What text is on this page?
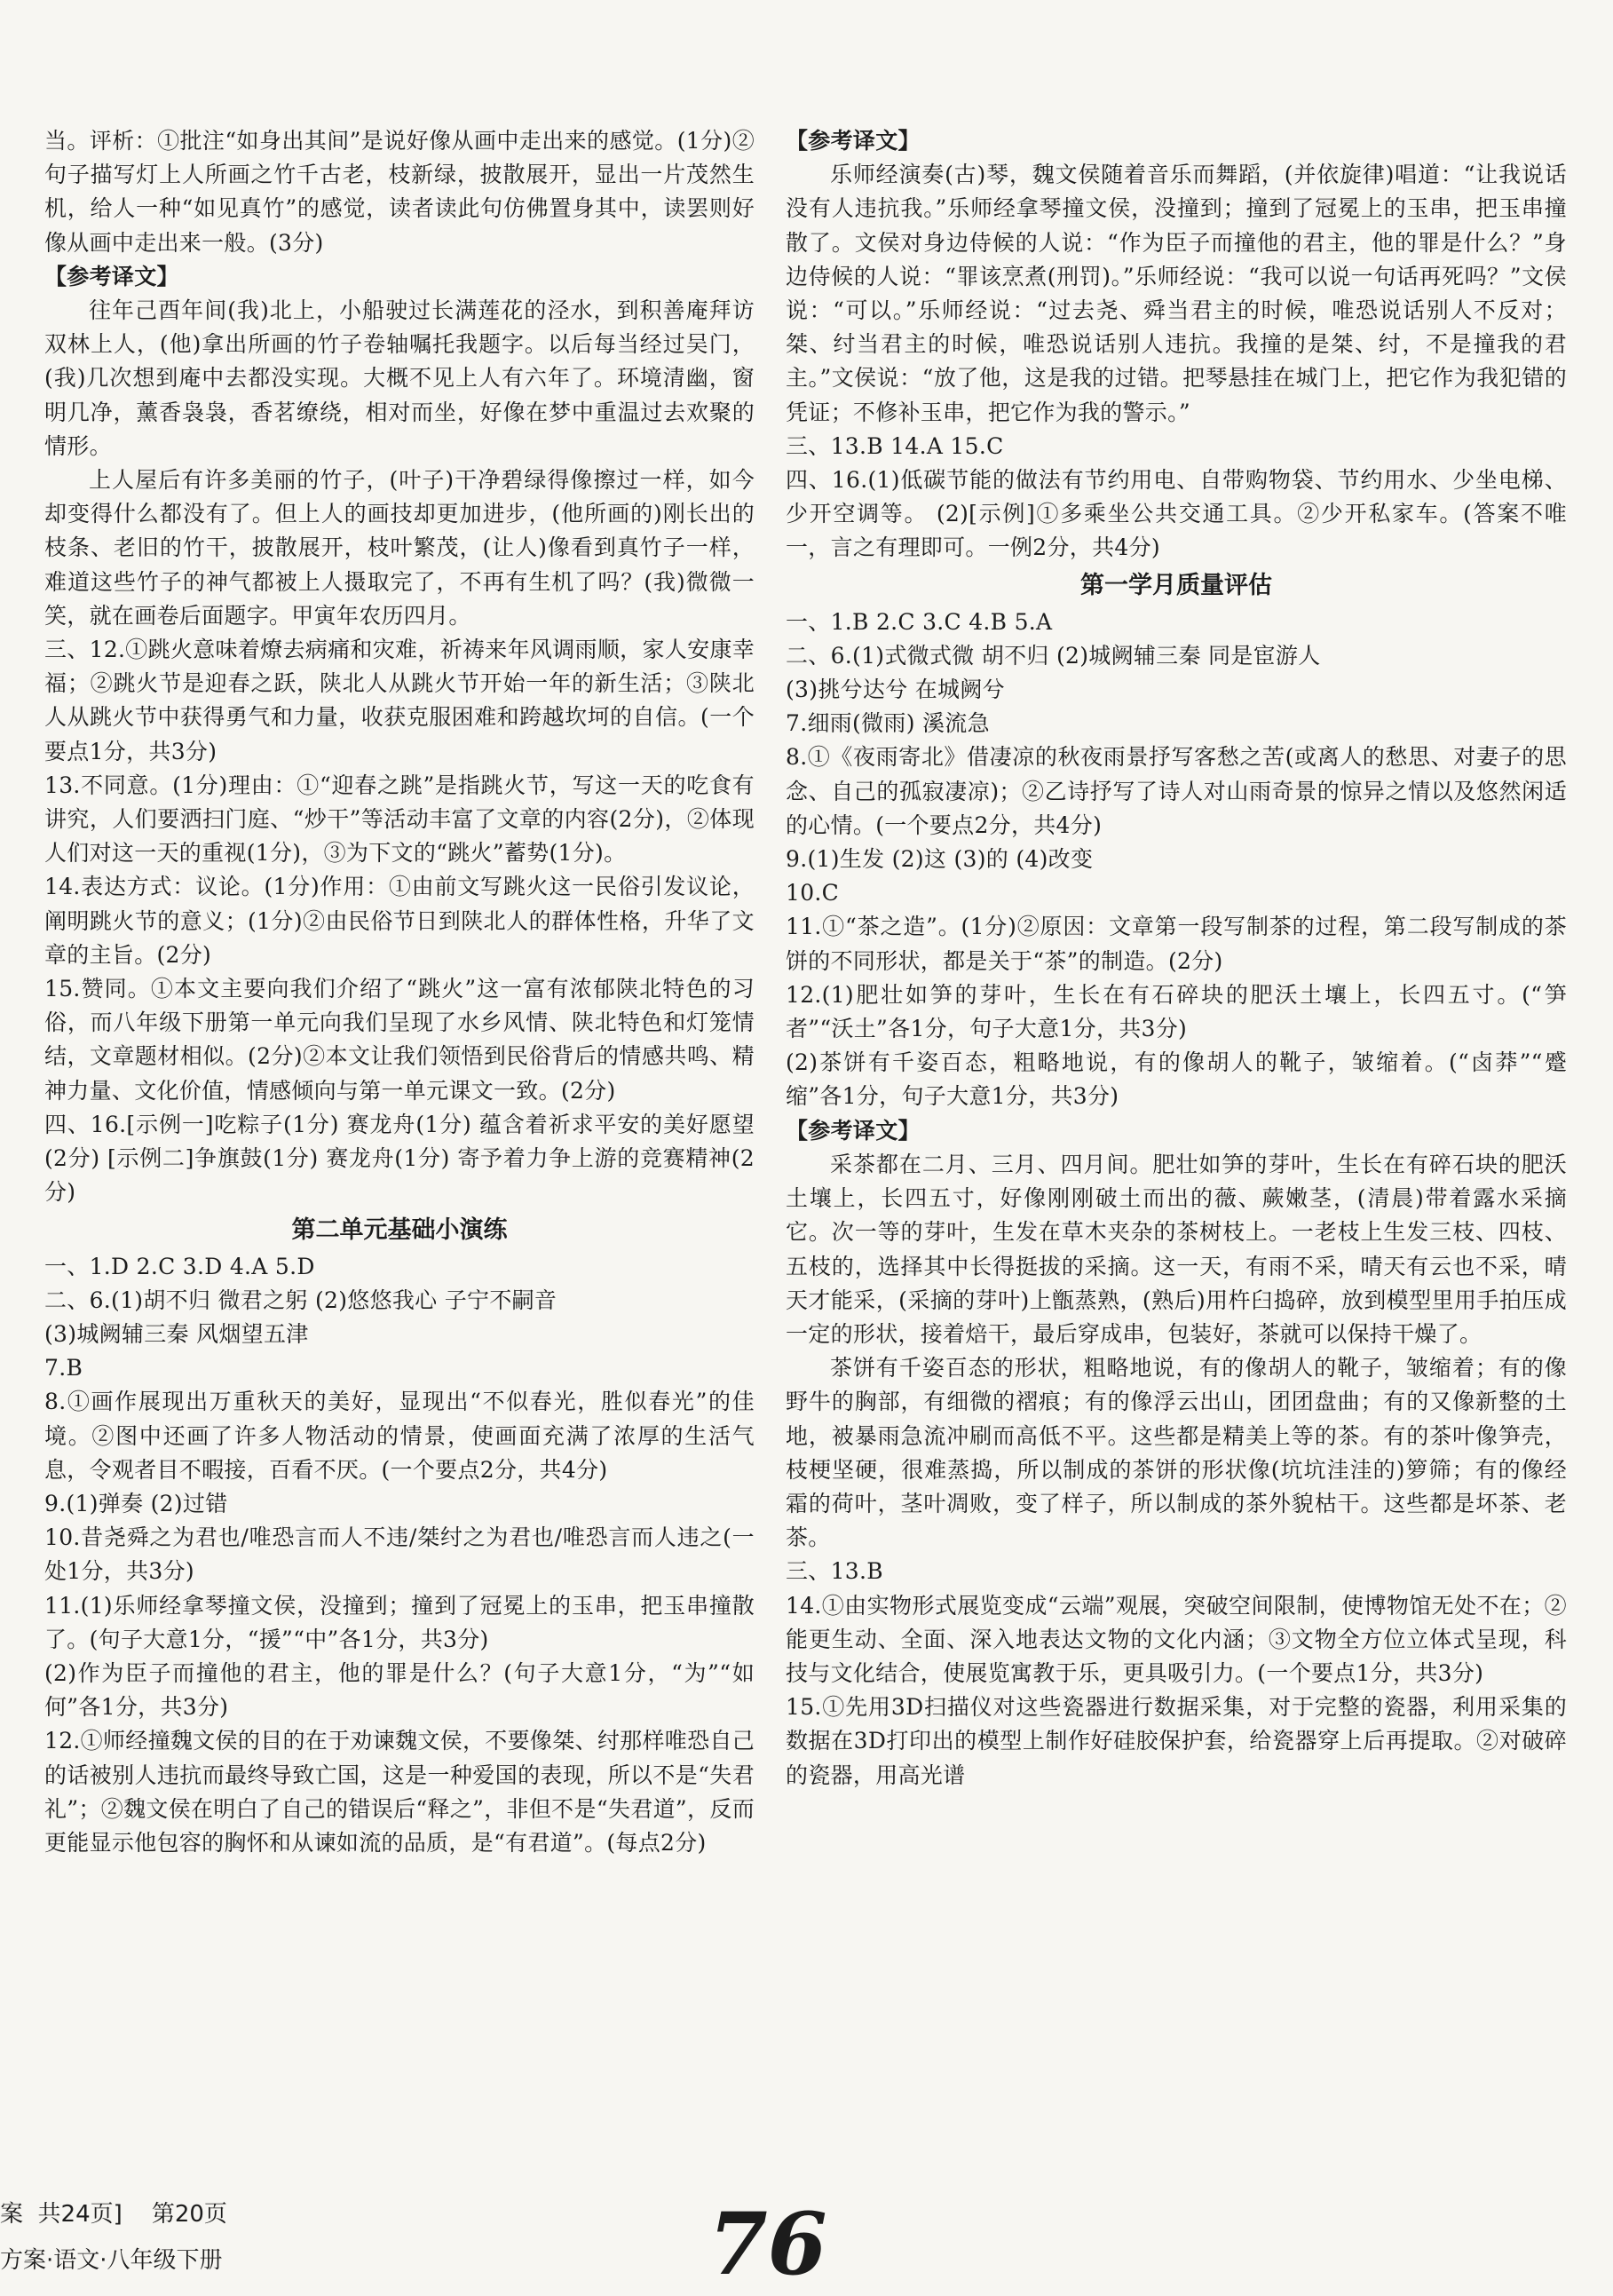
当。评析：①批注“如身出其间”是说好像从画中走出来的感觉。(1分)②句子描写灯上人所画之竹千古老，枝新绿，披散展开，显出一片茂然生机，给人一种“如见真竹”的感觉，读者读此句仿佛置身其中，读罢则好像从画中走出来一般。(3分)

【参考译文】

往年己酉年间(我)北上，小船驶过长满莲花的泾水，到积善庵拜访双林上人，(他)拿出所画的竹子卷轴嘱托我题字。以后每当经过吴门，(我)几次想到庵中去都没实现。大概不见上人有六年了。环境清幽，窗明几净，薰香袅袅，香茗缭绕，相对而坐，好像在梦中重温过去欢聚的情形。

上人屋后有许多美丽的竹子，(叶子)干净碧绿得像擦过一样，如今却变得什么都没有了。但上人的画技却更加进步，(他所画的)刚长出的枝条、老旧的竹干，披散展开，枝叶繁茂，(让人)像看到真竹子一样，难道这些竹子的神气都被上人摄取完了，不再有生机了吗？(我)微微一笑，就在画卷后面题字。甲寅年农历四月。

三、12.①跳火意味着燎去病痛和灾难，祈祷来年风调雨顺，家人安康幸福；②跳火节是迎春之跃，陕北人从跳火节开始一年的新生活；③陕北人从跳火节中获得勇气和力量，收获克服困难和跨越坎坷的自信。(一个要点1分，共3分)

13.不同意。(1分)理由：①“迎春之跳”是指跳火节，写这一天的吃食有讲究，人们要洒扫门庭、“炒干”等活动丰富了文章的内容(2分)，②体现人们对这一天的重视(1分)，③为下文的“跳火”蓄势(1分)。

14.表达方式：议论。(1分)作用：①由前文写跳火这一民俗引发议论，阐明跳火节的意义；(1分)②由民俗节日到陕北人的群体性格，升华了文章的主旨。(2分)

15.赞同。①本文主要向我们介绍了“跳火”这一富有浓郁陕北特色的习俗，而八年级下册第一单元向我们呈现了水乡风情、陕北特色和灯笼情结，文章题材相似。(2分)②本文让我们领悟到民俗背后的情感共鸣、精神力量、文化价值，情感倾向与第一单元课文一致。(2分)

四、16.[示例一]吃粽子(1分) 赛龙舟(1分) 蕴含着祈求平安的美好愿望(2分) [示例二]争旗鼓(1分) 赛龙舟(1分) 寄予着力争上游的竞赛精神(2分)

第二单元基础小演练

一、1.D 2.C 3.D 4.A 5.D

二、6.(1)胡不归 微君之躬 (2)悠悠我心 子宁不嗣音

(3)城阙辅三秦 风烟望五津

7.B

8.①画作展现出万重秋天的美好，显现出“不似春光，胜似春光”的佳境。②图中还画了许多人物活动的情景，使画面充满了浓厚的生活气息，令观者目不暇接，百看不厌。(一个要点2分，共4分)

9.(1)弹奏 (2)过错

10.昔尧舜之为君也/唯恐言而人不违/桀纣之为君也/唯恐言而人违之(一处1分，共3分)

11.(1)乐师经拿琴撞文侯，没撞到；撞到了冠冕上的玉串，把玉串撞散了。(句子大意1分，“援”“中”各1分，共3分)

(2)作为臣子而撞他的君主，他的罪是什么？(句子大意1分，“为”“如何”各1分，共3分)

12.①师经撞魏文侯的目的在于劝谏魏文侯，不要像桀、纣那样唯恐自己的话被别人违抗而最终导致亡国，这是一种爱国的表现，所以不是“失君礼”；②魏文侯在明白了自己的错误后“释之”，非但不是“失君道”，反而更能显示他包容的胸怀和从谏如流的品质，是“有君道”。(每点2分)

【参考译文】

乐师经演奏(古)琴，魏文侯随着音乐而舞蹈，(并依旋律)唱道：“让我说话没有人违抗我。”乐师经拿琴撞文侯，没撞到；撞到了冠冕上的玉串，把玉串撞散了。文侯对身边侍候的人说：“作为臣子而撞他的君主，他的罪是什么？”身边侍候的人说：“罪该烹煮(刑罚)。”乐师经说：“我可以说一句话再死吗？”文侯说：“可以。”乐师经说：“过去尧、舜当君主的时候，唯恐说话别人不反对；桀、纣当君主的时候，唯恐说话别人违抗。我撞的是桀、纣，不是撞我的君主。”文侯说：“放了他，这是我的过错。把琴悬挂在城门上，把它作为我犯错的凭证；不修补玉串，把它作为我的警示。”

三、13.B 14.A 15.C

四、16.(1)低碳节能的做法有节约用电、自带购物袋、节约用水、少坐电梯、少开空调等。 (2)[示例]①多乘坐公共交通工具。②少开私家车。(答案不唯一，言之有理即可。一例2分，共4分)

第一学月质量评估

一、1.B 2.C 3.C 4.B 5.A

二、6.(1)式微式微 胡不归 (2)城阙辅三秦 同是宦游人

(3)挑兮达兮 在城阙兮

7.细雨(微雨) 溪流急

8.①《夜雨寄北》借凄凉的秋夜雨景抒写客愁之苦(或离人的愁思、对妻子的思念、自己的孤寂凄凉)；②乙诗抒写了诗人对山雨奇景的惊异之情以及悠然闲适的心情。(一个要点2分，共4分)

9.(1)生发 (2)这 (3)的 (4)改变

10.C

11.①“茶之造”。(1分)②原因：文章第一段写制茶的过程，第二段写制成的茶饼的不同形状，都是关于“茶”的制造。(2分)

12.(1)肥壮如笋的芽叶，生长在有石碎块的肥沃土壤上，长四五寸。(“笋者”“沃土”各1分，句子大意1分，共3分)

(2)茶饼有千姿百态，粗略地说，有的像胡人的靴子，皱缩着。(“卤莽”“蹙缩”各1分，句子大意1分，共3分)

【参考译文】

采茶都在二月、三月、四月间。肥壮如笋的芽叶，生长在有碎石块的肥沃土壤上，长四五寸，好像刚刚破土而出的薇、蕨嫩茎，(清晨)带着露水采摘它。次一等的芽叶，生发在草木夹杂的茶树枝上。一老枝上生发三枝、四枝、五枝的，选择其中长得挺拔的采摘。这一天，有雨不采，晴天有云也不采，晴天才能采，(采摘的芽叶)上甑蒸熟，(熟后)用杵臼捣碎，放到模型里用手拍压成一定的形状，接着焙干，最后穿成串，包装好，茶就可以保持干燥了。

茶饼有千姿百态的形状，粗略地说，有的像胡人的靴子，皱缩着；有的像野牛的胸部，有细微的褶痕；有的像浮云出山，团团盘曲；有的又像新整的土地，被暴雨急流冲刷而高低不平。这些都是精美上等的茶。有的茶叶像笋壳，枝梗坚硬，很难蒸捣，所以制成的茶饼的形状像(坑坑洼洼的)箩筛；有的像经霜的荷叶，茎叶凋败，变了样子，所以制成的茶外貌枯干。这些都是坏茶、老茶。

三、13.B

14.①由实物形式展览变成“云端”观展，突破空间限制，使博物馆无处不在；②能更生动、全面、深入地表达文物的文化内涵；③文物全方位立体式呈现，科技与文化结合，使展览寓教于乐，更具吸引力。(一个要点1分，共3分)

15.①先用3D扫描仪对这些瓷器进行数据采集，对于完整的瓷器，利用采集的数据在3D打印出的模型上制作好硅胶保护套，给瓷器穿上后再提取。②对破碎的瓷器，用高光谱

案  共24页]    第20页
方案·语文·八年级下册	76
